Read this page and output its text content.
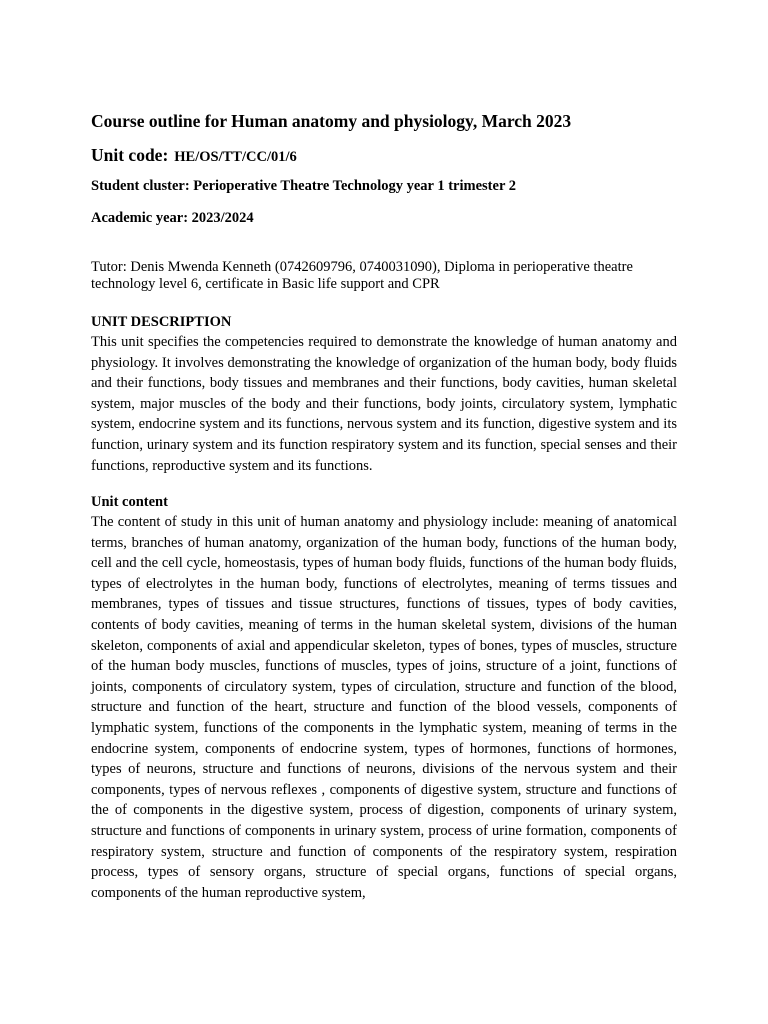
Course outline for Human anatomy and physiology, March 2023
Unit code: HE/OS/TT/CC/01/6
Student cluster: Perioperative Theatre Technology year 1 trimester 2
Academic year: 2023/2024
Tutor: Denis Mwenda Kenneth (0742609796, 0740031090), Diploma in perioperative theatre technology level 6, certificate in Basic life support and CPR
UNIT DESCRIPTION

This unit specifies the competencies required to demonstrate the knowledge of human anatomy and physiology. It involves demonstrating the knowledge of organization of the human body, body fluids and their functions, body tissues and membranes and their functions, body cavities, human skeletal system, major muscles of the body and their functions, body joints, circulatory system, lymphatic system, endocrine system and its functions, nervous system and its function, digestive system and its function, urinary system and its function respiratory system and its function, special senses and their functions, reproductive system and its functions.

Unit content

The content of study in this unit of human anatomy and physiology include: meaning of anatomical terms, branches of human anatomy, organization of the human body, functions of the human body, cell and the cell cycle, homeostasis, types of human body fluids, functions of the human body fluids, types of electrolytes in the human body, functions of electrolytes, meaning of terms tissues and membranes, types of tissues and tissue structures, functions of tissues, types of body cavities, contents of body cavities, meaning of terms in the human skeletal system, divisions of the human skeleton, components of axial and appendicular skeleton, types of bones, types of muscles, structure of the human body muscles, functions of muscles, types of joins, structure of a joint, functions of joints, components of circulatory system, types of circulation, structure and function of the blood, structure and function of the heart, structure and function of the blood vessels, components of lymphatic system, functions of the components in the lymphatic system, meaning of terms in the endocrine system, components of endocrine system, types of hormones, functions of hormones, types of neurons, structure and functions of neurons, divisions of the nervous system and their components, types of nervous reflexes , components of digestive system, structure and functions of the of components in the digestive system, process of digestion, components of urinary system, structure and functions of components in urinary system, process of urine formation, components of respiratory system, structure and function of components of the respiratory system, respiration process, types of sensory organs, structure of special organs, functions of special organs, components of the human reproductive system,
